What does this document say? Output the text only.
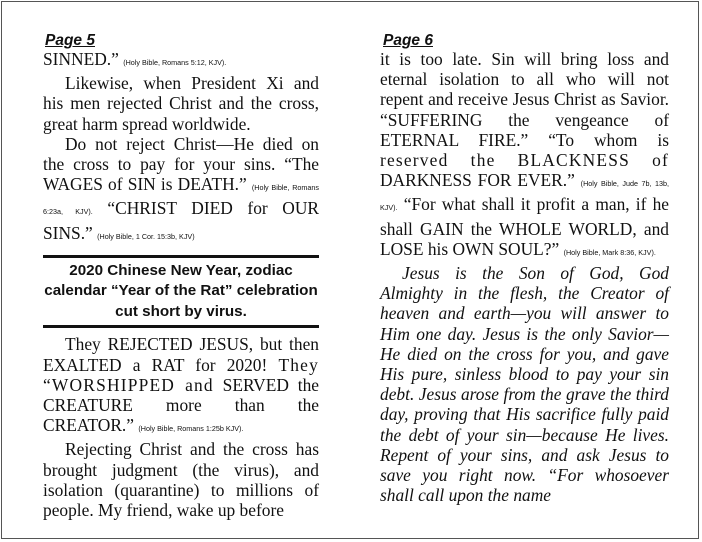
Page 5	Page 6

SINNED.” (Holy Bible, Romans 5:12, KJV).

Likewise, when President Xi and his men rejected Christ and the cross, great harm spread worldwide.

Do not reject Christ—He died on the cross to pay for your sins. “The WAGES of SIN is DEATH.” (Holy Bible, Romans 6:23a, KJV). “CHRIST DIED for OUR SINS.” (Holy Bible, 1 Cor. 15:3b, KJV)

2020 Chinese New Year, zodiac calendar “Year of the Rat” celebration cut short by virus.

They REJECTED JESUS, but then EXALTED a RAT for 2020! They “WORSHIPPED and SERVED the CREATURE more than the CREATOR.” (Holy Bible, Romans 1:25b KJV).

Rejecting Christ and the cross has brought judgment (the virus), and isolation (quarantine) to millions of people. My friend, wake up before

it is too late. Sin will bring loss and eternal isolation to all who will not repent and receive Jesus Christ as Savior. “SUFFERING the vengeance of ETERNAL FIRE.” “To whom is reserved the BLACKNESS of DARKNESS FOR EVER.” (Holy Bible, Jude 7b, 13b, KJV). “For what shall it profit a man, if he shall GAIN the WHOLE WORLD, and LOSE his OWN SOUL?” (Holy Bible, Mark 8:36, KJV).

Jesus is the Son of God, God Almighty in the flesh, the Creator of heaven and earth—you will answer to Him one day. Jesus is the only Savior—He died on the cross for you, and gave His pure, sinless blood to pay your sin debt. Jesus arose from the grave the third day, proving that His sacrifice fully paid the debt of your sin—because He lives. Repent of your sins, and ask Jesus to save you right now. “For whosoever shall call upon the name
